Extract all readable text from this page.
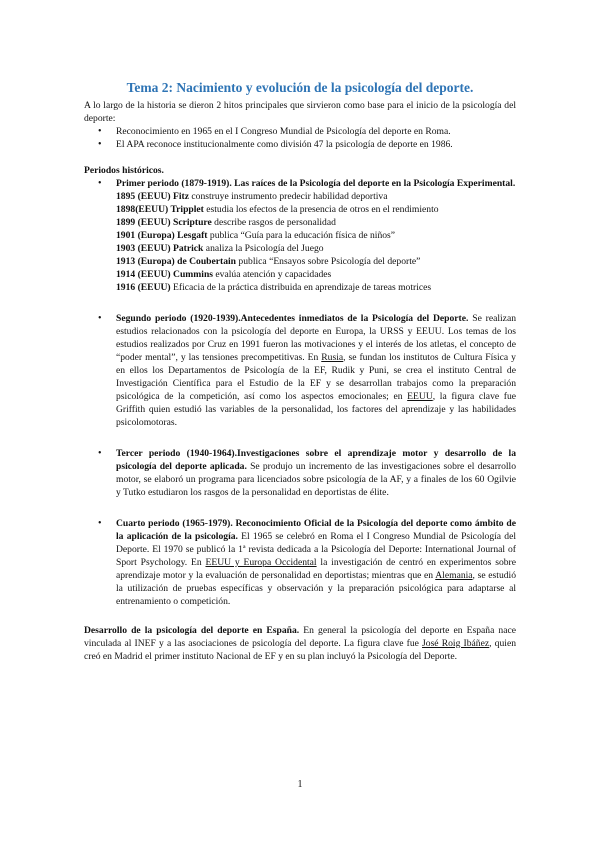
Tema 2: Nacimiento y evolución de la psicología del deporte.

A lo largo de la historia se dieron 2 hitos principales que sirvieron como base para el inicio de la psicología del deporte:

• Reconocimiento en 1965 en el I Congreso Mundial de Psicología del deporte en Roma.
• El APA reconoce institucionalmente como división 47 la psicología de deporte en 1986.

Periodos históricos.

• Primer periodo (1879-1919). Las raíces de la Psicología del deporte en la Psicología Experimental.
1895 (EEUU) Fitz construye instrumento predecir habilidad deportiva
1898(EEUU) Tripplet estudia los efectos de la presencia de otros en el rendimiento
1899 (EEUU) Scripture describe rasgos de personalidad
1901 (Europa) Lesgaft publica “Guía para la educación física de niños”
1903 (EEUU) Patrick analiza la Psicología del Juego
1913 (Europa) de Coubertain publica “Ensayos sobre Psicología del deporte”
1914 (EEUU) Cummins evalúa atención y capacidades
1916 (EEUU) Eficacia de la práctica distribuida en aprendizaje de tareas motrices
• Segundo periodo (1920-1939).Antecedentes inmediatos de la Psicología del Deporte. Se realizan estudios relacionados con la psicología del deporte en Europa, la URSS y EEUU. Los temas de los estudios realizados por Cruz en 1991 fueron las motivaciones y el interés de los atletas, el concepto de “poder mental”, y las tensiones precompetitivas. En Rusia, se fundan los institutos de Cultura Física y en ellos los Departamentos de Psicología de la EF, Rudik y Puni, se crea el instituto Central de Investigación Científica para el Estudio de la EF y se desarrollan trabajos como la preparación psicológica de la competición, así como los aspectos emocionales; en EEUU, la figura clave fue Griffith quien estudió las variables de la personalidad, los factores del aprendizaje y las habilidades psicolomotoras.
• Tercer periodo (1940-1964).Investigaciones sobre el aprendizaje motor y desarrollo de la psicología del deporte aplicada. Se produjo un incremento de las investigaciones sobre el desarrollo motor, se elaboró un programa para licenciados sobre psicología de la AF, y a finales de los 60 Ogilvie y Tutko estudiaron los rasgos de la personalidad en deportistas de élite.
• Cuarto periodo (1965-1979). Reconocimiento Oficial de la Psicología del deporte como ámbito de la aplicación de la psicología. El 1965 se celebró en Roma el I Congreso Mundial de Psicología del Deporte. El 1970 se publicó la 1ª revista dedicada a la Psicología del Deporte: International Journal of Sport Psychology. En EEUU y Europa Occidental la investigación de centró en experimentos sobre aprendizaje motor y la evaluación de personalidad en deportistas; mientras que en Alemania, se estudió la utilización de pruebas específicas y observación y la preparación psicológica para adaptarse al entrenamiento o competición.

Desarrollo de la psicología del deporte en España. En general la psicología del deporte en España nace vinculada al INEF y a las asociaciones de psicología del deporte. La figura clave fue José Roig Ibáñez, quien creó en Madrid el primer instituto Nacional de EF y en su plan incluyó la Psicología del Deporte.

1
